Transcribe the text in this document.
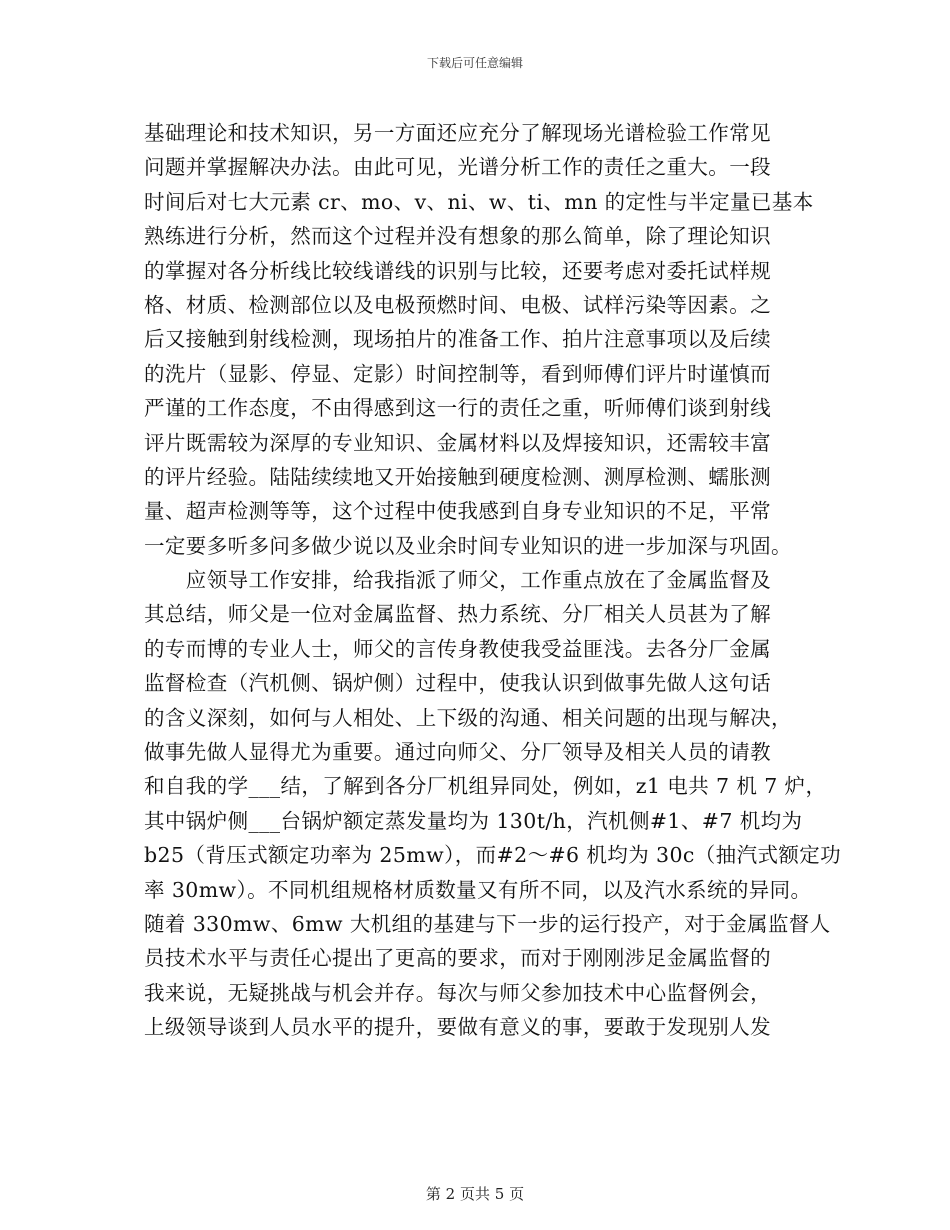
下载后可任意编辑
基础理论和技术知识，另一方面还应充分了解现场光谱检验工作常见
问题并掌握解决办法。由此可见，光谱分析工作的责任之重大。一段
时间后对七大元素 cr、mo、v、ni、w、ti、mn 的定性与半定量已基本
熟练进行分析，然而这个过程并没有想象的那么简单，除了理论知识
的掌握对各分析线比较线谱线的识别与比较，还要考虑对委托试样规
格、材质、检测部位以及电极预燃时间、电极、试样污染等因素。之
后又接触到射线检测，现场拍片的准备工作、拍片注意事项以及后续
的洗片（显影、停显、定影）时间控制等，看到师傅们评片时谨慎而
严谨的工作态度，不由得感到这一行的责任之重，听师傅们谈到射线
评片既需较为深厚的专业知识、金属材料以及焊接知识，还需较丰富
的评片经验。陆陆续续地又开始接触到硬度检测、测厚检测、蠕胀测
量、超声检测等等，这个过程中使我感到自身专业知识的不足，平常
一定要多听多问多做少说以及业余时间专业知识的进一步加深与巩固。
　　应领导工作安排，给我指派了师父，工作重点放在了金属监督及
其总结，师父是一位对金属监督、热力系统、分厂相关人员甚为了解
的专而博的专业人士，师父的言传身教使我受益匪浅。去各分厂金属
监督检查（汽机侧、锅炉侧）过程中，使我认识到做事先做人这句话
的含义深刻，如何与人相处、上下级的沟通、相关问题的出现与解决，
做事先做人显得尤为重要。通过向师父、分厂领导及相关人员的请教
和自我的学___结，了解到各分厂机组异同处，例如，z1 电共 7 机 7 炉，
其中锅炉侧___台锅炉额定蒸发量均为 130t/h，汽机侧#1、#7 机均为
b25（背压式额定功率为 25mw），而#2～#6 机均为 30c（抽汽式额定功
率 30mw）。不同机组规格材质数量又有所不同，以及汽水系统的异同。
随着 330mw、6mw 大机组的基建与下一步的运行投产，对于金属监督人
员技术水平与责任心提出了更高的要求，而对于刚刚涉足金属监督的
我来说，无疑挑战与机会并存。每次与师父参加技术中心监督例会，
上级领导谈到人员水平的提升，要做有意义的事，要敢于发现别人发
第 2 页共 5 页
